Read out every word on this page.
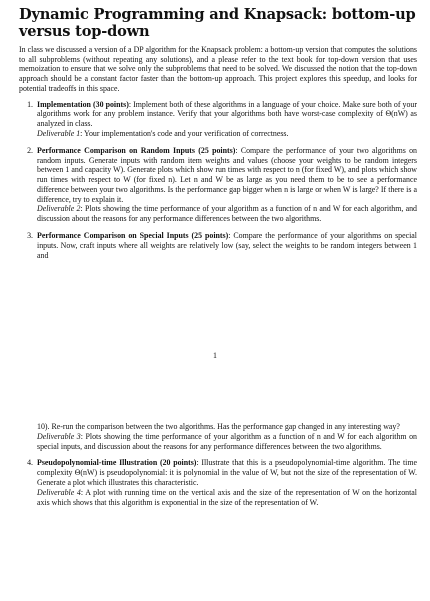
Dynamic Programming and Knapsack: bottom-up versus top-down

In class we discussed a version of a DP algorithm for the Knapsack problem: a bottom-up version that computes the solutions to all subproblems (without repeating any solutions), and a please refer to the text book for top-down version that uses memoization to ensure that we solve only the subproblems that need to be solved. We discussed the notion that the top-down approach should be a constant factor faster than the bottom-up approach. This project explores this speedup, and looks for potential tradeoffs in this space.

1. Implementation (30 points): Implement both of these algorithms in a language of your choice. Make sure both of your algorithms work for any problem instance. Verify that your algorithms both have worst-case complexity of Θ(nW) as analyzed in class.
Deliverable 1: Your implementation's code and your verification of correctness.
2. Performance Comparison on Random Inputs (25 points): Compare the performance of your two algorithms on random inputs. Generate inputs with random item weights and values (choose your weights to be random integers between 1 and capacity W). Generate plots which show run times with respect to n (for fixed W), and plots which show run times with respect to W (for fixed n). Let n and W be as large as you need them to be to see a performance difference between your two algorithms. Is the performance gap bigger when n is large or when W is large? If there is a difference, try to explain it.
Deliverable 2: Plots showing the time performance of your algorithm as a function of n and W for each algorithm, and discussion about the reasons for any performance differences between the two algorithms.
3. Performance Comparison on Special Inputs (25 points): Compare the performance of your algorithms on special inputs. Now, craft inputs where all weights are relatively low (say, select the weights to be random integers between 1 and
1

10). Re-run the comparison between the two algorithms. Has the performance gap changed in any interesting way?
Deliverable 3: Plots showing the time performance of your algorithm as a function of n and W for each algorithm on special inputs, and discussion about the reasons for any performance differences between the two algorithms.

4. Pseudopolynomial-time Illustration (20 points): Illustrate that this is a pseudopolynomial-time algorithm. The time complexity Θ(nW) is pseudopolynomial: it is polynomial in the value of W, but not the size of the representation of W. Generate a plot which illustrates this characteristic.
Deliverable 4: A plot with running time on the vertical axis and the size of the representation of W on the horizontal axis which shows that this algorithm is exponential in the size of the representation of W.
